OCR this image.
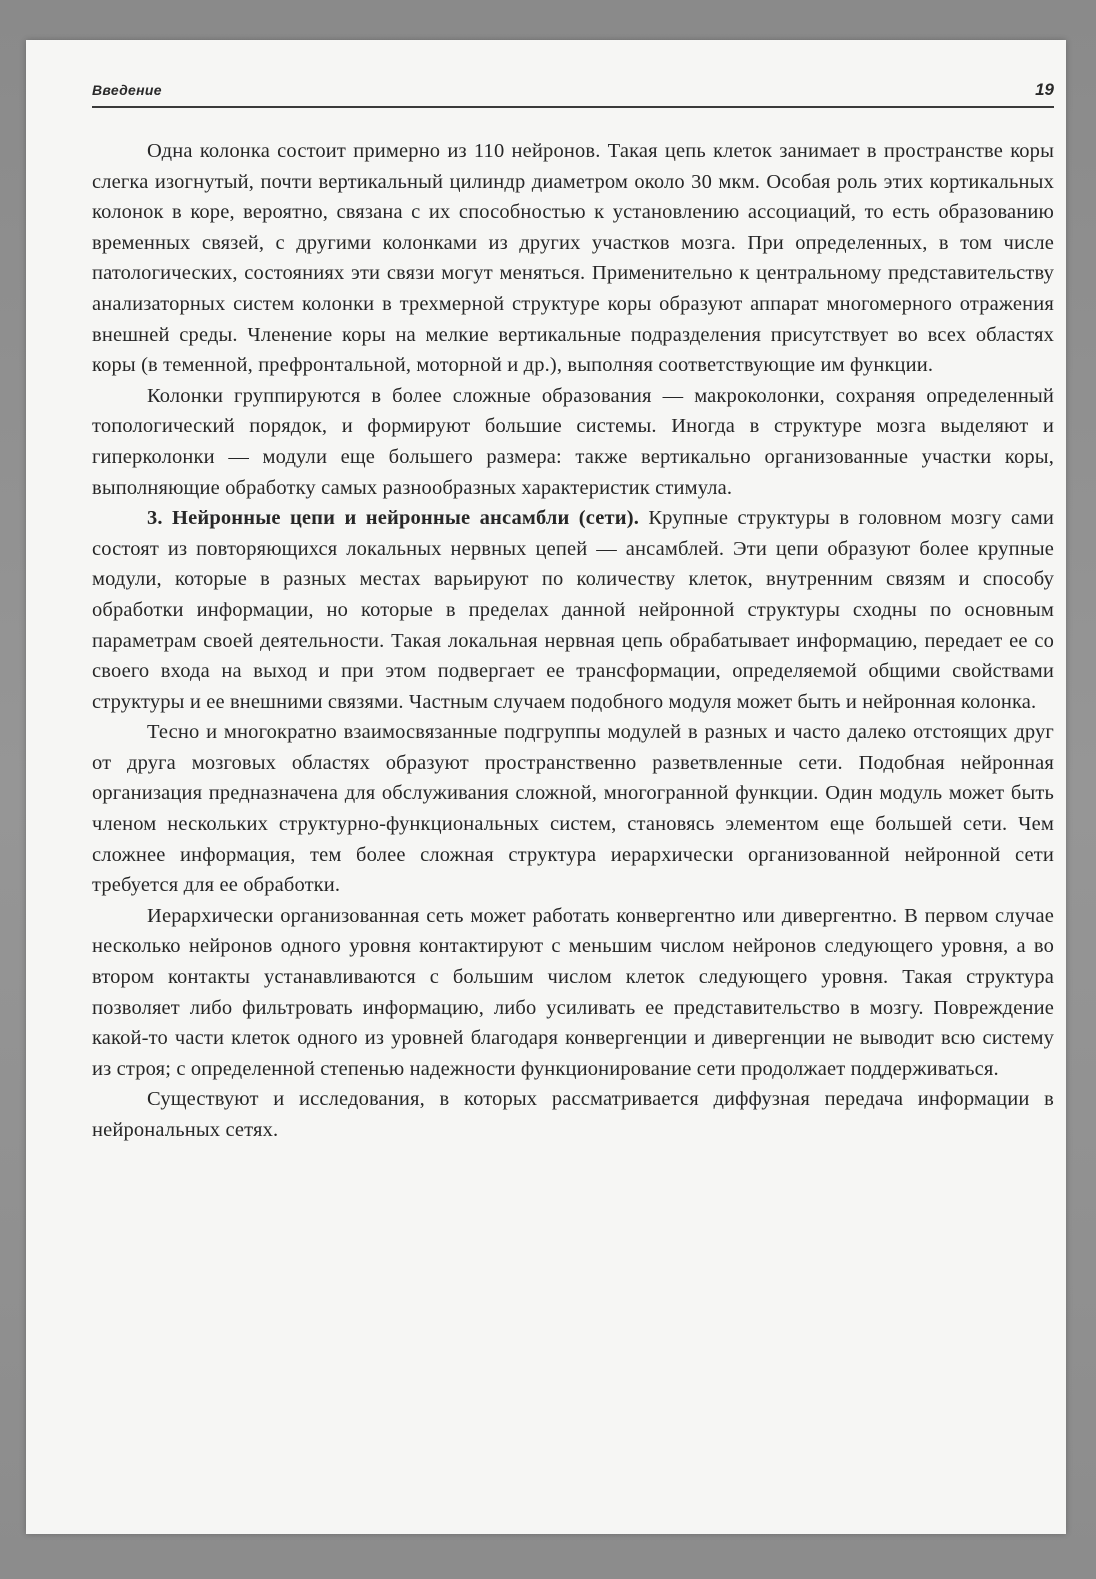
Введение	19

Одна колонка состоит примерно из 110 нейронов. Такая цепь клеток занимает в пространстве коры слегка изогнутый, почти вертикальный цилиндр диаметром около 30 мкм. Особая роль этих кортикальных колонок в коре, вероятно, связана с их способностью к установлению ассоциаций, то есть образованию временных связей, с другими колонками из других участков мозга. При определенных, в том числе патологических, состояниях эти связи могут меняться. Применительно к центральному представительству анализаторных систем колонки в трехмерной структуре коры образуют аппарат многомерного отражения внешней среды. Членение коры на мелкие вертикальные подразделения присутствует во всех областях коры (в теменной, префронтальной, моторной и др.), выполняя соответствующие им функции.

Колонки группируются в более сложные образования — макроколонки, сохраняя определенный топологический порядок, и формируют большие системы. Иногда в структуре мозга выделяют и гиперколонки — модули еще большего размера: также вертикально организованные участки коры, выполняющие обработку самых разнообразных характеристик стимула.

3. Нейронные цепи и нейронные ансамбли (сети). Крупные структуры в головном мозгу сами состоят из повторяющихся локальных нервных цепей — ансамблей. Эти цепи образуют более крупные модули, которые в разных местах варьируют по количеству клеток, внутренним связям и способу обработки информации, но которые в пределах данной нейронной структуры сходны по основным параметрам своей деятельности. Такая локальная нервная цепь обрабатывает информацию, передает ее со своего входа на выход и при этом подвергает ее трансформации, определяемой общими свойствами структуры и ее внешними связями. Частным случаем подобного модуля может быть и нейронная колонка.

Тесно и многократно взаимосвязанные подгруппы модулей в разных и часто далеко отстоящих друг от друга мозговых областях образуют пространственно разветвленные сети. Подобная нейронная организация предназначена для обслуживания сложной, многогранной функции. Один модуль может быть членом нескольких структурно-функциональных систем, становясь элементом еще большей сети. Чем сложнее информация, тем более сложная структура иерархически организованной нейронной сети требуется для ее обработки.

Иерархически организованная сеть может работать конвергентно или дивергентно. В первом случае несколько нейронов одного уровня контактируют с меньшим числом нейронов следующего уровня, а во втором контакты устанавливаются с большим числом клеток следующего уровня. Такая структура позволяет либо фильтровать информацию, либо усиливать ее представительство в мозгу. Повреждение какой-то части клеток одного из уровней благодаря конвергенции и дивергенции не выводит всю систему из строя; с определенной степенью надежности функционирование сети продолжает поддерживаться.

Существуют и исследования, в которых рассматривается диффузная передача информации в нейрональных сетях.
